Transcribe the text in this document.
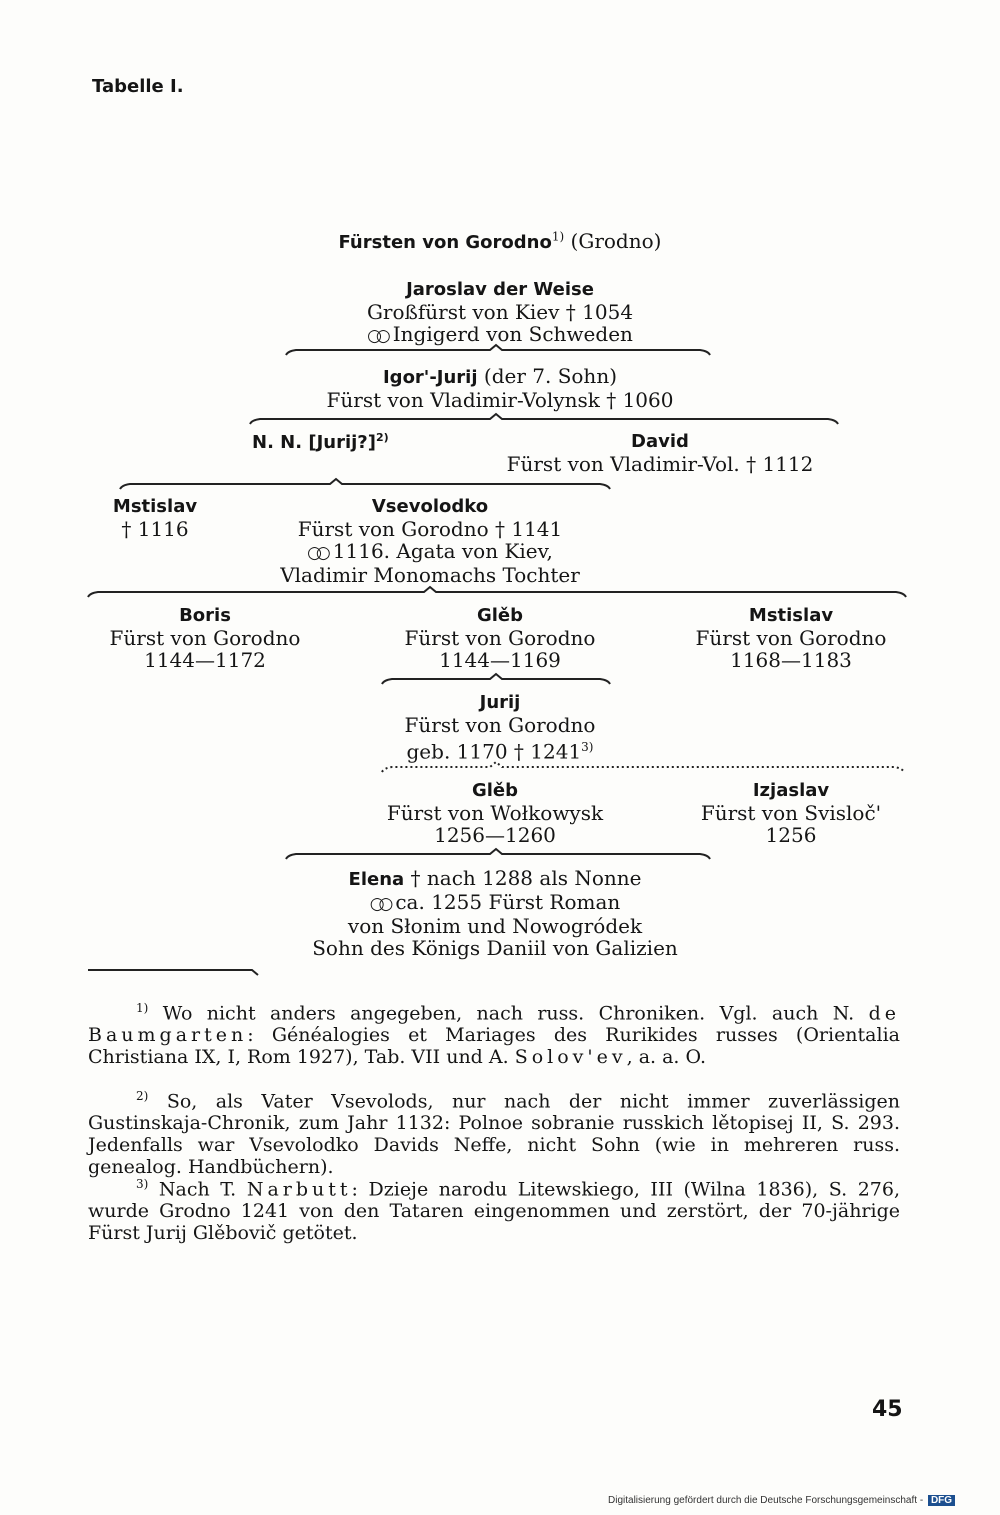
Tabelle I.
Fürsten von Gorodno$^{1)}$ (Grodno)
Jaroslav der Weise
Großfürst von Kiev † 1054
○○ Ingigerd von Schweden
Igor'-Jurij (der 7. Sohn)
Fürst von Vladimir-Volynsk † 1060
N. N. [Jurij?]$^{2)}$	David
Fürst von Vladimir-Vol. † 1112
Mstislav
† 1116
Vsevolodko
Fürst von Gorodno † 1141
○○ 1116. Agata von Kiev,
Vladimir Monomachs Tochter
Boris
Fürst von Gorodno
1144—1172
Glěb
Fürst von Gorodno
1144—1169
Mstislav
Fürst von Gorodno
1168—1183
Jurij
Fürst von Gorodno
geb. 1170 † 1241$^{3)}$
Glěb
Fürst von Wołkowysk
1256—1260
Izjaslav
Fürst von Svisloč'
1256
Elena † nach 1288 als Nonne
○○ ca. 1255 Fürst Roman
von Słonim und Nowogródek
Sohn des Königs Daniil von Galizien

$^{1)}$ Wo nicht anders angegeben, nach russ. Chroniken. Vgl. auch N. de Baumgarten: Généalogies et Mariages des Rurikides russes (Orientalia Christiana IX, I, Rom 1927), Tab. VII und A. Solov'ev, a. a. O.

$^{2)}$ So, als Vater Vsevolods, nur nach der nicht immer zuverlässigen Gustinskaja-Chronik, zum Jahr 1132: Polnoe sobranie russkich lětopisej II, S. 293. Jedenfalls war Vsevolodko Davids Neffe, nicht Sohn (wie in mehreren russ. genealog. Handbüchern).

$^{3)}$ Nach T. Narbutt: Dzieje narodu Litewskiego, III (Wilna 1836), S. 276, wurde Grodno 1241 von den Tataren eingenommen und zerstört, der 70-jährige Fürst Jurij Glěbovič getötet.

45
Digitalisierung gefördert durch die Deutsche Forschungsgemeinschaft - DFG
